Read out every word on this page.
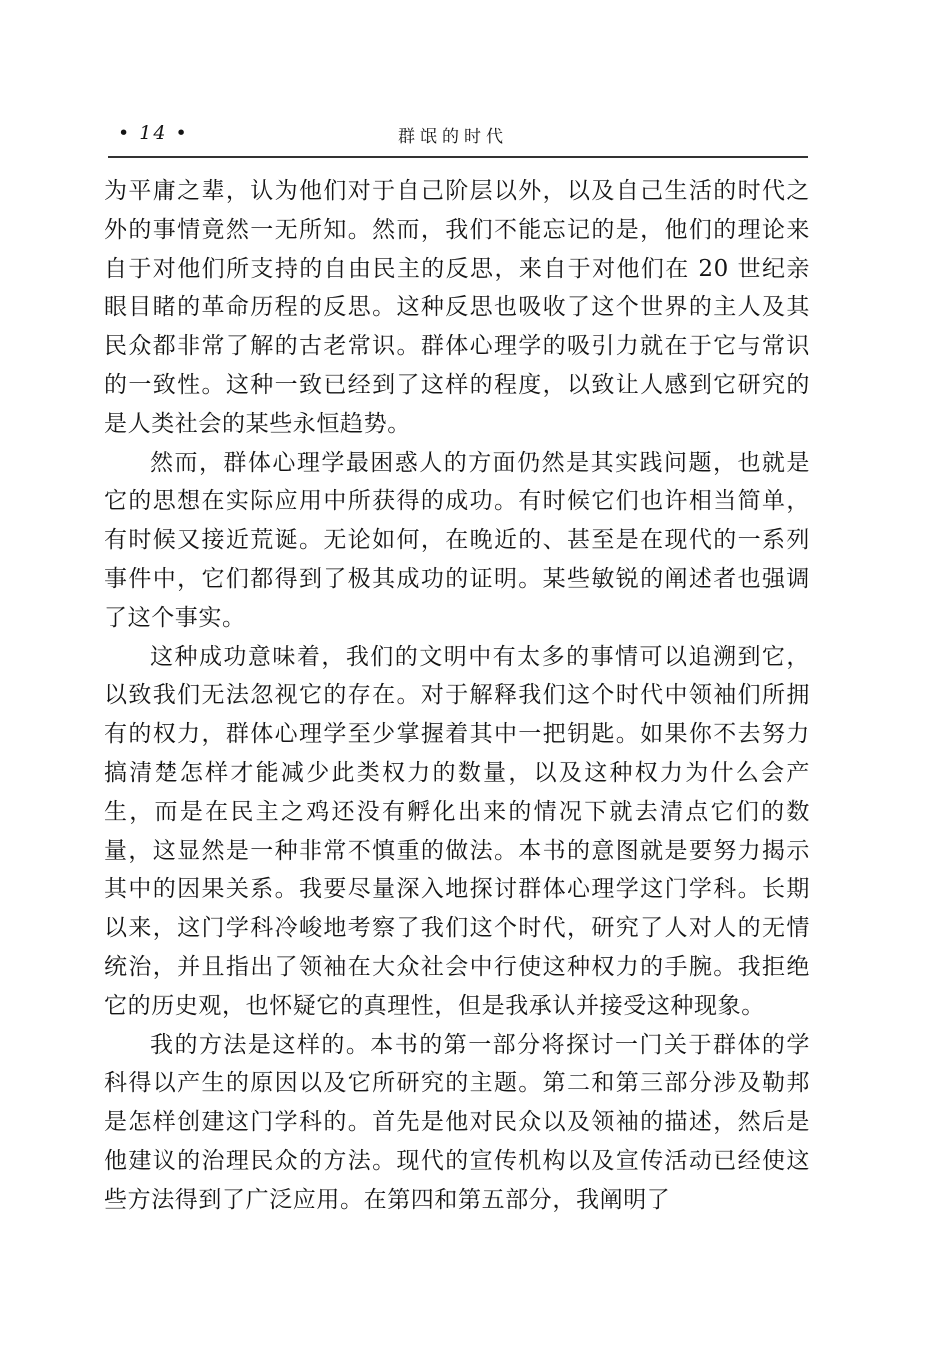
• 14 •	群氓的时代

为平庸之辈，认为他们对于自己阶层以外，以及自己生活的时代之外的事情竟然一无所知。然而，我们不能忘记的是，他们的理论来自于对他们所支持的自由民主的反思，来自于对他们在 20 世纪亲眼目睹的革命历程的反思。这种反思也吸收了这个世界的主人及其民众都非常了解的古老常识。群体心理学的吸引力就在于它与常识的一致性。这种一致已经到了这样的程度，以致让人感到它研究的是人类社会的某些永恒趋势。

然而，群体心理学最困惑人的方面仍然是其实践问题，也就是它的思想在实际应用中所获得的成功。有时候它们也许相当简单，有时候又接近荒诞。无论如何，在晚近的、甚至是在现代的一系列事件中，它们都得到了极其成功的证明。某些敏锐的阐述者也强调了这个事实。

这种成功意味着，我们的文明中有太多的事情可以追溯到它，以致我们无法忽视它的存在。对于解释我们这个时代中领袖们所拥有的权力，群体心理学至少掌握着其中一把钥匙。如果你不去努力搞清楚怎样才能减少此类权力的数量，以及这种权力为什么会产生，而是在民主之鸡还没有孵化出来的情况下就去清点它们的数量，这显然是一种非常不慎重的做法。本书的意图就是要努力揭示其中的因果关系。我要尽量深入地探讨群体心理学这门学科。长期以来，这门学科冷峻地考察了我们这个时代，研究了人对人的无情统治，并且指出了领袖在大众社会中行使这种权力的手腕。我拒绝它的历史观，也怀疑它的真理性，但是我承认并接受这种现象。

我的方法是这样的。本书的第一部分将探讨一门关于群体的学科得以产生的原因以及它所研究的主题。第二和第三部分涉及勒邦是怎样创建这门学科的。首先是他对民众以及领袖的描述，然后是他建议的治理民众的方法。现代的宣传机构以及宣传活动已经使这些方法得到了广泛应用。在第四和第五部分，我阐明了
